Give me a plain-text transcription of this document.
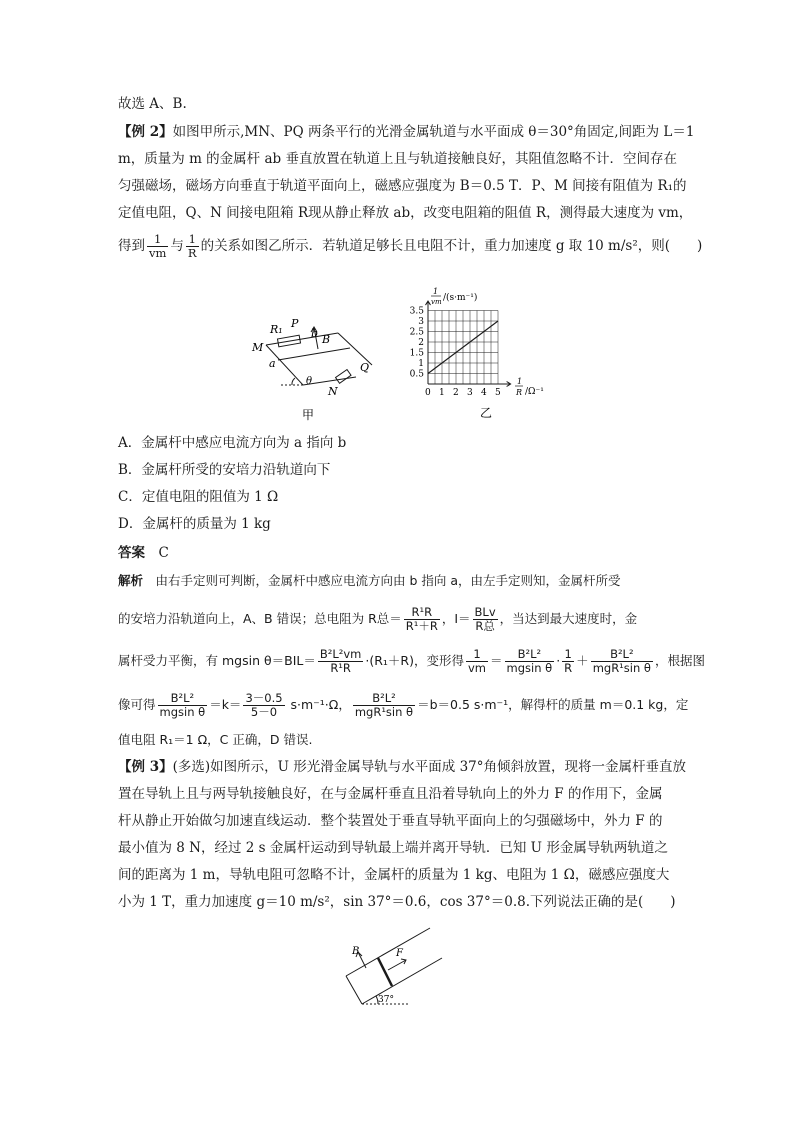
故选 A、B.
【例 2】如图甲所示,MN、PQ 两条平行的光滑金属轨道与水平面成 θ＝30°角固定,间距为 L＝1
m，质量为 m 的金属杆 ab 垂直放置在轨道上且与轨道接触良好，其阻值忽略不计．空间存在
匀强磁场，磁场方向垂直于轨道平面向上，磁感应强度为 B＝0.5 T．P、M 间接有阻值为 R₁的
定值电阻，Q、N 间接电阻箱 R现从静止释放 ab，改变电阻箱的阻值 R，测得最大速度为 vm，
得到 $\frac{1}{vm}$ 与 $\frac{1}{R}$ 的关系如图乙所示．若轨道足够长且电阻不计，重力加速度 g 取 10 m/s²，则(　　)
R₁ P
b B
M
a	Q
θ
N
甲
0 1 2 3 4 5
0.5
1
1.5
2
2.5
3
3.5
1
vm /(s·m⁻¹)
1
R /Ω⁻¹
乙
A．金属杆中感应电流方向为 a 指向 b
B．金属杆所受的安培力沿轨道向下
C．定值电阻的阻值为 1 Ω
D．金属杆的质量为 1 kg
答案　 C
解析　 由右手定则可判断，金属杆中感应电流方向由 b 指向 a，由左手定则知，金属杆所受
的安培力沿轨道向上，A、B 错误；总电阻为 R总＝ $\frac{\text{R¹R}}{\text{R¹＋R}}$ ，$I= \frac{\text{BLv}}{\text{R总}}$ ，当达到最大速度时，金
属杆受力平衡，有 mgsin $\theta=BIL= \frac{\text{B²L²vm}}{\text{R¹R}} \cdot(R_1+R)$，变形得 $\frac{1}{vm} = \frac{\text{B²L²}}{\text{mgsin θ}} \cdot \frac{1}{R} + \frac{\text{B²L²}}{\text{mgR¹sin θ}}$ ，根据图
像可得 $\frac{\text{B²L²}}{\text{mgsin θ}} =k= \frac{3-0.5}{5-0} s\cdot m^{-1}\cdot\Omega$， $\frac{\text{B²L²}}{\text{mgR¹sin θ}} =b=0.5$ s·m⁻¹，解得杆的质量 m＝0.1 kg，定
值电阻 R₁＝1 Ω，C 正确，D 错误.
【例 3】(多选)如图所示，U 形光滑金属导轨与水平面成 37°角倾斜放置，现将一金属杆垂直放
置在导轨上且与两导轨接触良好，在与金属杆垂直且沿着导轨向上的外力 F 的作用下，金属
杆从静止开始做匀加速直线运动．整个装置处于垂直导轨平面向上的匀强磁场中，外力 F 的
最小值为 8 N，经过 2 s 金属杆运动到导轨最上端并离开导轨．已知 U 形金属导轨两轨道之
间的距离为 1 m，导轨电阻可忽略不计，金属杆的质量为 1 kg、电阻为 1 Ω，磁感应强度大
小为 1 T，重力加速度 g＝10 m/s²，sin 37°＝0.6，cos 37°＝0.8.下列说法正确的是(　　)
B	F
37°
